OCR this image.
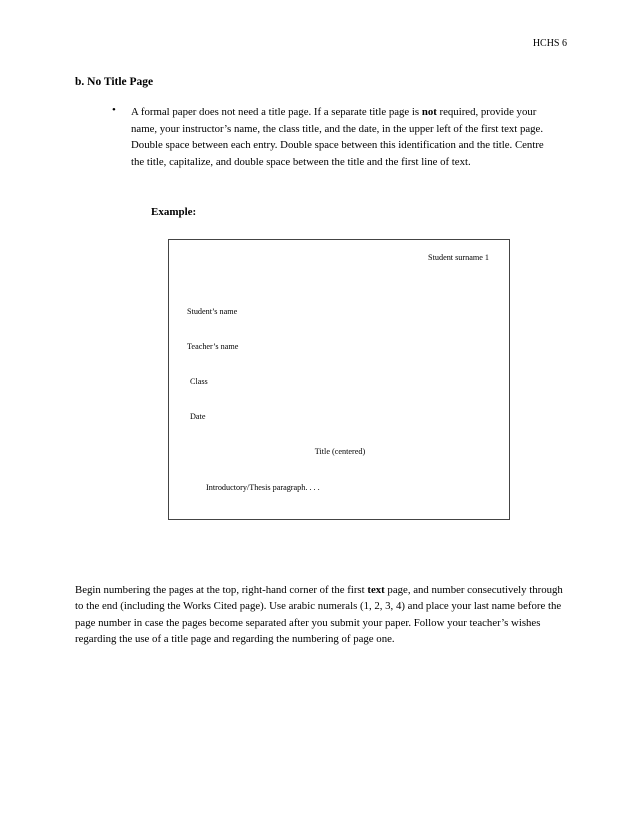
HCHS 6
b. No Title Page
• A formal paper does not need a title page. If a separate title page is not required, provide your name, your instructor’s name, the class title, and the date, in the upper left of the first text page. Double space between each entry. Double space between this identification and the title. Centre the title, capitalize, and double space between the title and the first line of text.
Example:
Student surname 1
Student’s name
Teacher’s name
Class
Date
Title (centered)
Introductory/Thesis paragraph. . . .
Begin numbering the pages at the top, right-hand corner of the first text page, and number consecutively through to the end (including the Works Cited page). Use arabic numerals (1, 2, 3, 4) and place your last name before the page number in case the pages become separated after you submit your paper. Follow your teacher’s wishes regarding the use of a title page and regarding the numbering of page one.
